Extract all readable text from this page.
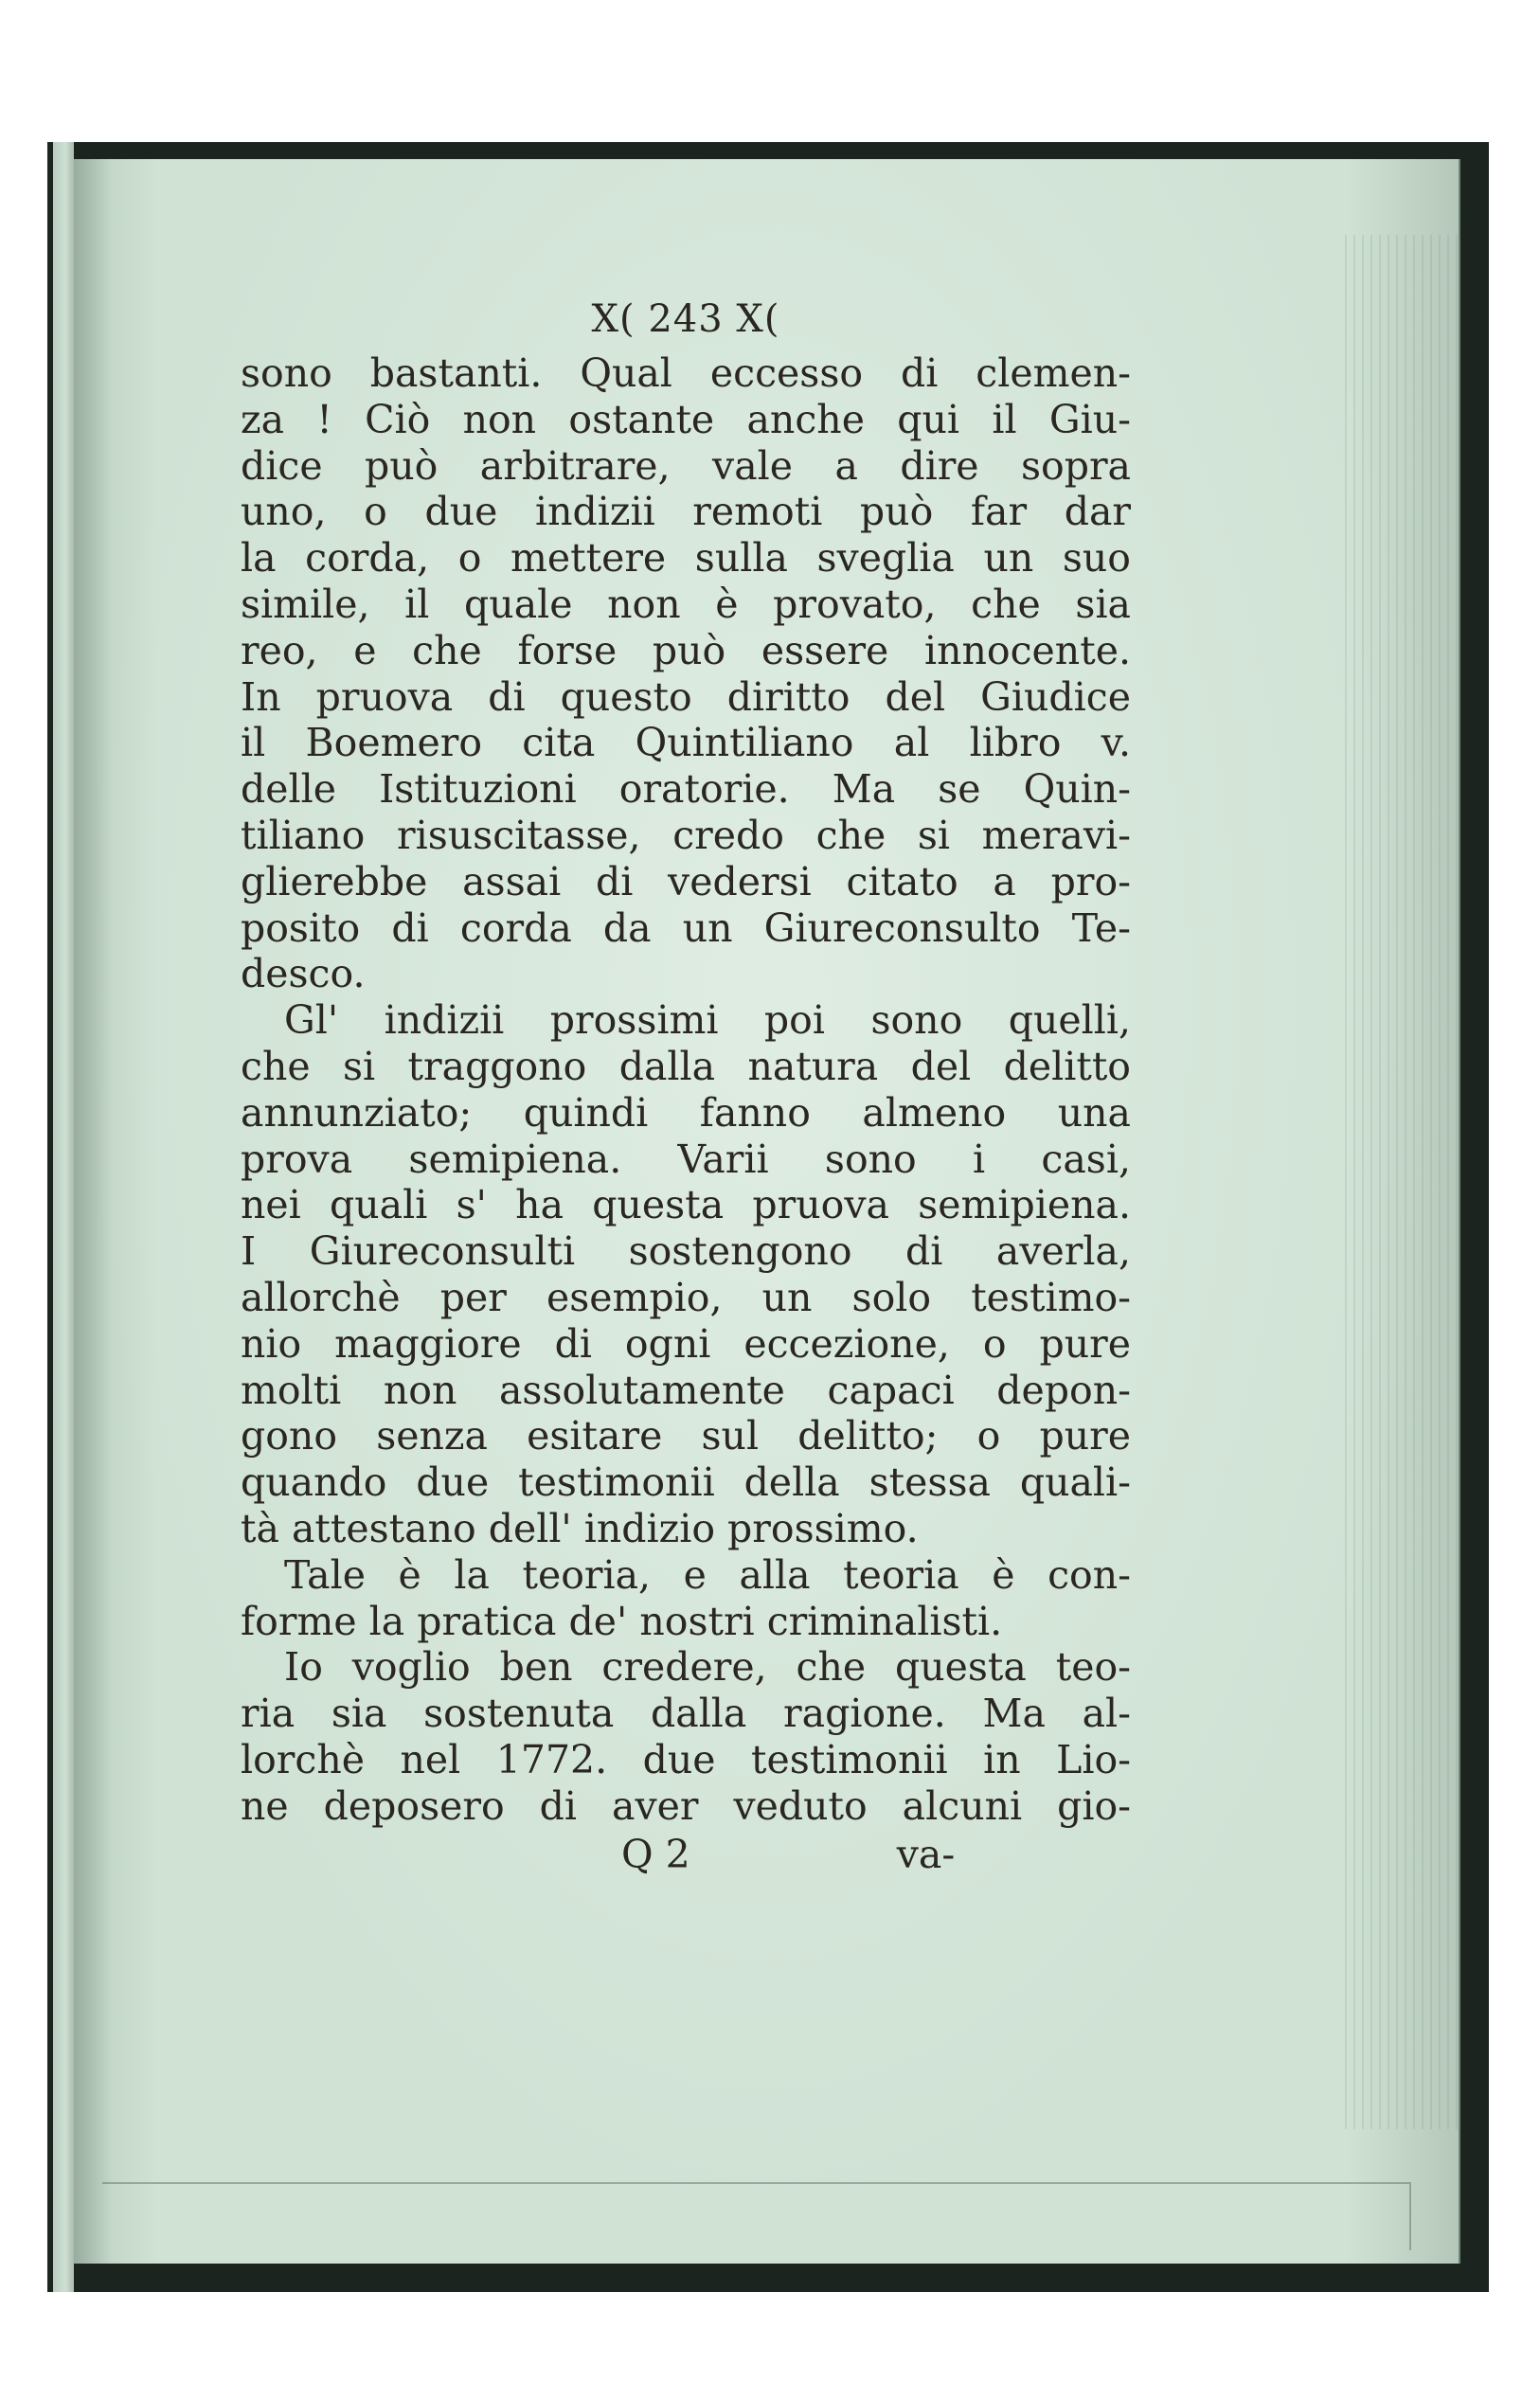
X( 243 X(
sono bastanti. Qual eccesso di clemen-
za ! Ciò non ostante anche qui il Giu-
dice può arbitrare, vale a dire sopra
uno, o due indizii remoti può far dar
la corda, o mettere sulla sveglia un suo
simile, il quale non è provato, che sia
reo, e che forse può essere innocente.
In pruova di questo diritto del Giudice
il Boemero cita Quintiliano al libro v.
delle Istituzioni oratorie. Ma se Quin-
tiliano risuscitasse, credo che si meravi-
glierebbe assai di vedersi citato a pro-
posito di corda da un Giureconsulto Te-
desco.
Gl' indizii prossimi poi sono quelli,
che si traggono dalla natura del delitto
annunziato; quindi fanno almeno una
prova semipiena. Varii sono i casi,
nei quali s' ha questa pruova semipiena.
I Giureconsulti sostengono di averla,
allorchè per esempio, un solo testimo-
nio maggiore di ogni eccezione, o pure
molti non assolutamente capaci depon-
gono senza esitare sul delitto; o pure
quando due testimonii della stessa quali-
tà attestano dell' indizio prossimo.
Tale è la teoria, e alla teoria è con-
forme la pratica de' nostri criminalisti.
Io voglio ben credere, che questa teo-
ria sia sostenuta dalla ragione. Ma al-
lorchè nel 1772. due testimonii in Lio-
ne deposero di aver veduto alcuni gio-
Q 2	va-
